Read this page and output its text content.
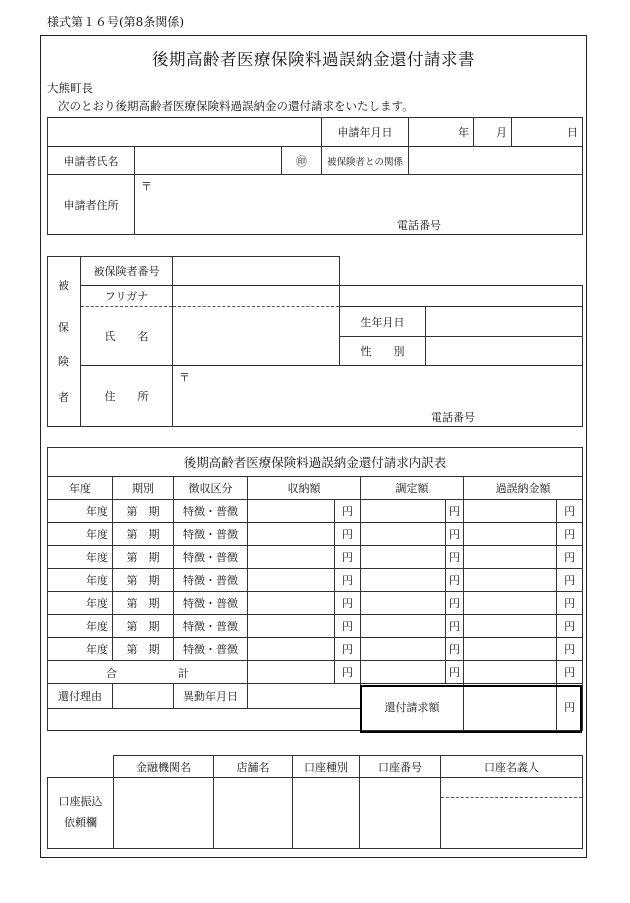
様式第１６号(第8条関係)
後期高齢者医療保険料過誤納金還付請求書
大熊町長
次のとおり後期高齢者医療保険料過誤納金の還付請求をいたします。
			申請年月日	年	月	日
申請者氏名		㊞	被保険者との関係			
申請者住所	〒
電話番号					
被
保
険
者	被保険者番号			
	フリガナ			
	氏　　名		生年月日	
			性　　別	
	住　　所	〒
電話番号		
後期高齢者医療保険料過誤納金還付請求内訳表								
年度	期別	徴収区分	収納額		調定額		過誤納金額	
年度	第　期	特徴・普徴		円		円		円
年度	第　期	特徴・普徴		円		円		円
年度	第　期	特徴・普徴		円		円		円
年度	第　期	特徴・普徴		円		円		円
年度	第　期	特徴・普徴		円		円		円
年度	第　期	特徴・普徴		円		円		円
年度	第　期	特徴・普徴		円		円		円

合 計				円		円		円
還付理由		異動年月日			還付請求額			円

	金融機関名	店舗名	口座種別	口座番号	口座名義人

口座振込
依頼欄					
